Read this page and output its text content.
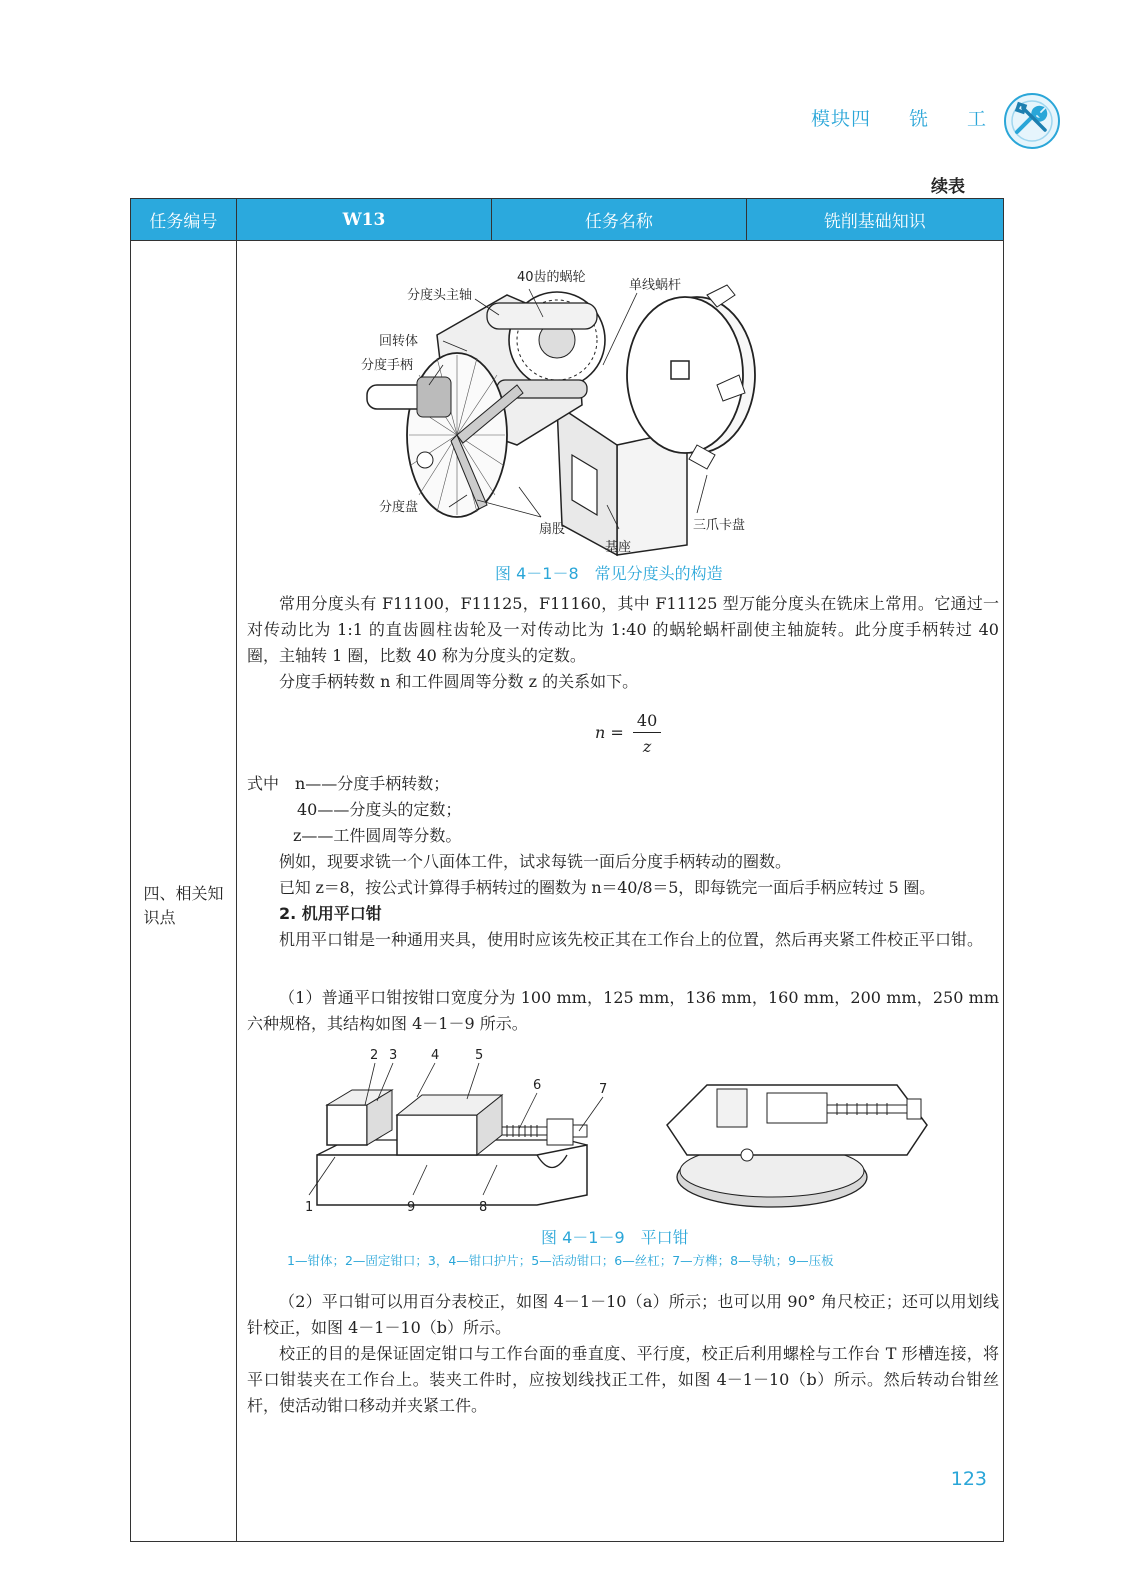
模块四 铣 工
续表
任务编号	W13	任务名称	铣削基础知识
四、相关知识点
40齿的蜗轮
分度头主轴
单线蜗杆
回转体
分度手柄
分度盘
扇股
基座
三爪卡盘
图 4－1－8　常见分度头的构造
常用分度头有 F11100，F11125，F11160，其中 F11125 型万能分度头在铣床上常用。它通过一对传动比为 1:1 的直齿圆柱齿轮及一对传动比为 1:40 的蜗轮蜗杆副使主轴旋转。此分度手柄转过 40 圈，主轴转 1 圈，比数 40 称为分度头的定数。
分度手柄转数 n 和工件圆周等分数 z 的关系如下。
$n = \frac{40}{z}$
式中　n——分度手柄转数；
40——分度头的定数；
z——工件圆周等分数。
例如，现要求铣一个八面体工件，试求每铣一面后分度手柄转动的圈数。
已知 z＝8，按公式计算得手柄转过的圈数为 n＝40/8＝5，即每铣完一面后手柄应转过 5 圈。
2. 机用平口钳
机用平口钳是一种通用夹具，使用时应该先校正其在工作台上的位置，然后再夹紧工件校正平口钳。
（1）普通平口钳按钳口宽度分为 100 mm，125 mm，136 mm，160 mm，200 mm，250 mm 六种规格，其结构如图 4－1－9 所示。
1
2 3	4	5
6	7
8
9
图 4－1－9　平口钳
1—钳体；2—固定钳口；3，4—钳口护片；5—活动钳口；6—丝杠；7—方榫；8—导轨；9—压板
（2）平口钳可以用百分表校正，如图 4－1－10（a）所示；也可以用 90° 角尺校正；还可以用划线针校正，如图 4－1－10（b）所示。
校正的目的是保证固定钳口与工作台面的垂直度、平行度，校正后利用螺栓与工作台 T 形槽连接，将平口钳装夹在工作台上。装夹工件时，应按划线找正工件，如图 4－1－10（b）所示。然后转动台钳丝杆，使活动钳口移动并夹紧工件。
123
